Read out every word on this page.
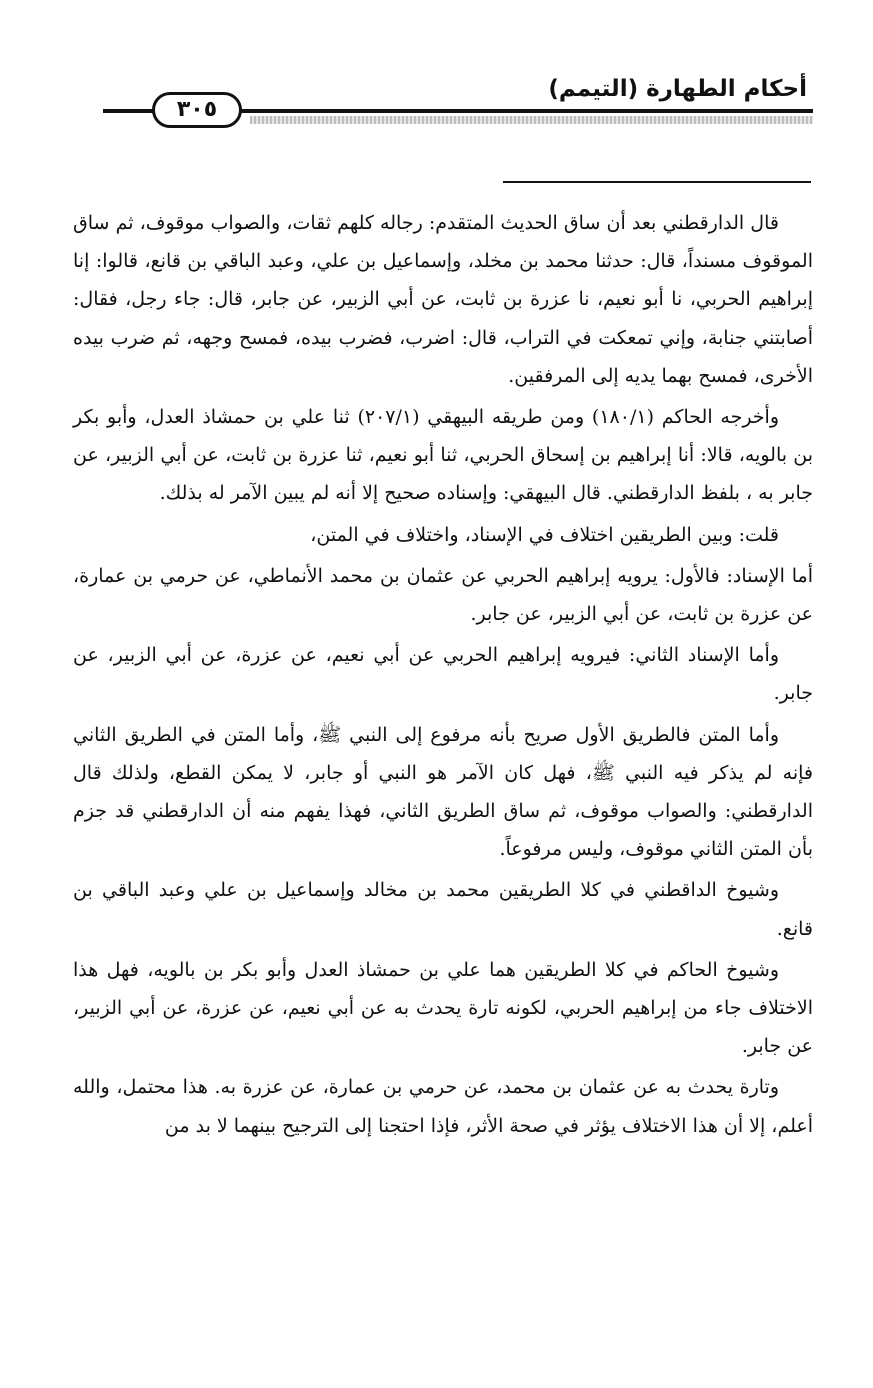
أحكام الطهارة (التيمم)
٣٠٥

قال الدارقطني بعد أن ساق الحديث المتقدم: رجاله كلهم ثقات، والصواب موقوف، ثم ساق الموقوف مسنداً، قال: حدثنا محمد بن مخلد، وإسماعيل بن علي، وعبد الباقي بن قانع، قالوا: إنا إبراهيم الحربي، نا أبو نعيم، نا عزرة بن ثابت، عن أبي الزبير، عن جابر، قال: جاء رجل، فقال: أصابتني جنابة، وإني تمعكت في التراب، قال: اضرب، فضرب بيده، فمسح وجهه، ثم ضرب بيده الأخرى، فمسح بهما يديه إلى المرفقين.

وأخرجه الحاكم (١٨٠/١) ومن طريقه البيهقي (٢٠٧/١) ثنا علي بن حمشاذ العدل، وأبو بكر بن بالويه، قالا: أنا إبراهيم بن إسحاق الحربي، ثنا أبو نعيم، ثنا عزرة بن ثابت، عن أبي الزبير، عن جابر به ، بلفظ الدارقطني. قال البيهقي: وإسناده صحيح إلا أنه لم يبين الآمر له بذلك.

قلت: وبين الطريقين اختلاف في الإسناد، واختلاف في المتن،

أما الإسناد: فالأول: يرويه إبراهيم الحربي عن عثمان بن محمد الأنماطي، عن حرمي بن عمارة، عن عزرة بن ثابت، عن أبي الزبير، عن جابر.

وأما الإسناد الثاني: فيرويه إبراهيم الحربي عن أبي نعيم، عن عزرة، عن أبي الزبير، عن جابر.

وأما المتن فالطريق الأول صريح بأنه مرفوع إلى النبي ﷺ، وأما المتن في الطريق الثاني فإنه لم يذكر فيه النبي ﷺ، فهل كان الآمر هو النبي أو جابر، لا يمكن القطع، ولذلك قال الدارقطني: والصواب موقوف، ثم ساق الطريق الثاني، فهذا يفهم منه أن الدارقطني قد جزم بأن المتن الثاني موقوف، وليس مرفوعاً.

وشيوخ الداقطني في كلا الطريقين محمد بن مخالد وإسماعيل بن علي وعبد الباقي بن قانع.

وشيوخ الحاكم في كلا الطريقين هما علي بن حمشاذ العدل وأبو بكر بن بالويه، فهل هذا الاختلاف جاء من إبراهيم الحربي، لكونه تارة يحدث به عن أبي نعيم، عن عزرة، عن أبي الزبير، عن جابر.

وتارة يحدث به عن عثمان بن محمد، عن حرمي بن عمارة، عن عزرة به. هذا محتمل، والله أعلم، إلا أن هذا الاختلاف يؤثر في صحة الأثر، فإذا احتجنا إلى الترجيح بينهما لا بد من
